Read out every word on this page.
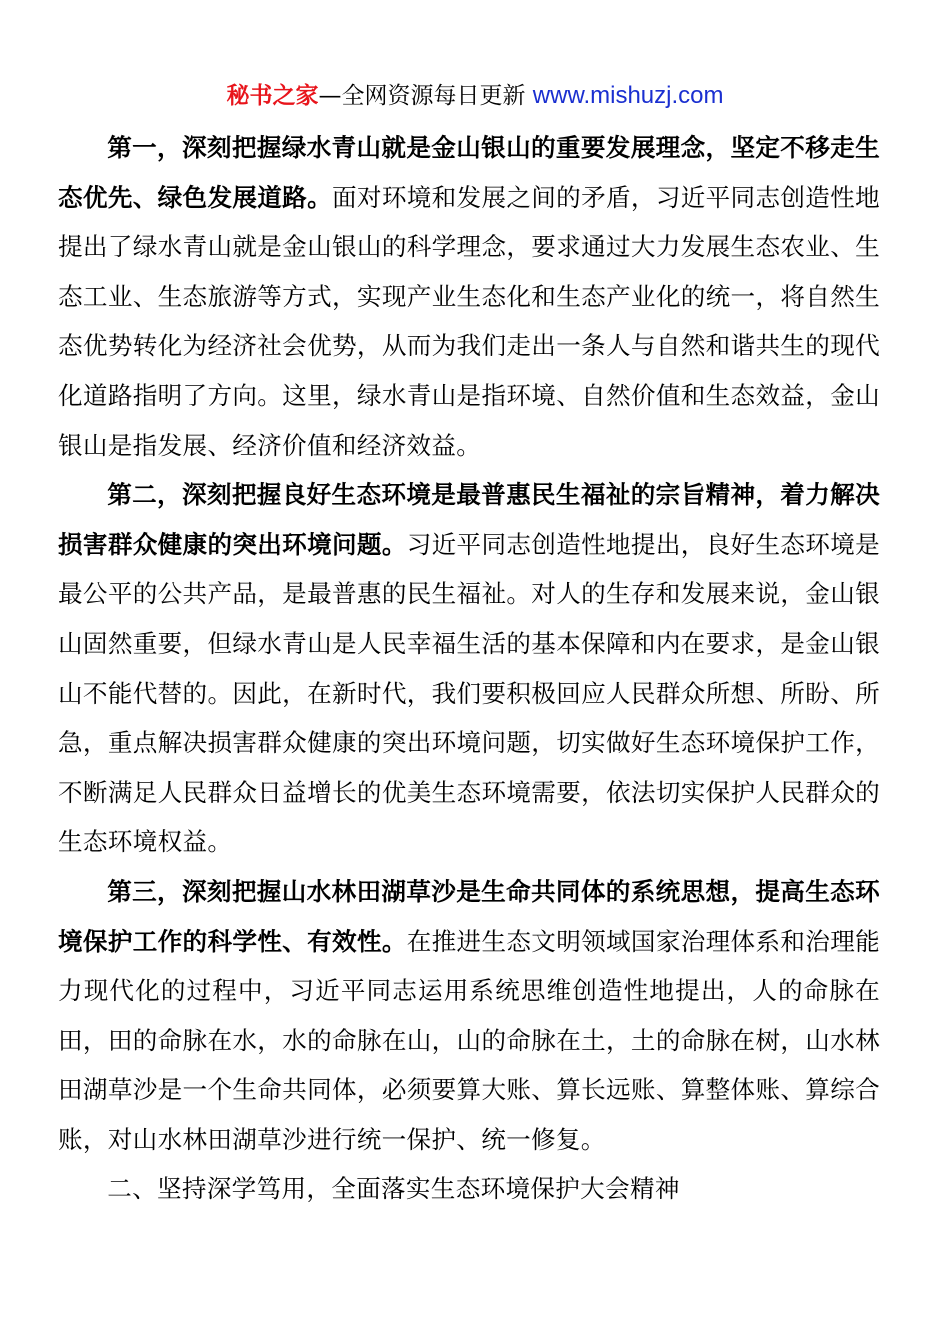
秘书之家—全网资源每日更新 www.mishuzj.com

第一，深刻把握绿水青山就是金山银山的重要发展理念，坚定不移走生态优先、绿色发展道路。面对环境和发展之间的矛盾，习近平同志创造性地提出了绿水青山就是金山银山的科学理念，要求通过大力发展生态农业、生态工业、生态旅游等方式，实现产业生态化和生态产业化的统一，将自然生态优势转化为经济社会优势，从而为我们走出一条人与自然和谐共生的现代化道路指明了方向。这里，绿水青山是指环境、自然价值和生态效益，金山银山是指发展、经济价值和经济效益。

第二，深刻把握良好生态环境是最普惠民生福祉的宗旨精神，着力解决损害群众健康的突出环境问题。习近平同志创造性地提出，良好生态环境是最公平的公共产品，是最普惠的民生福祉。对人的生存和发展来说，金山银山固然重要，但绿水青山是人民幸福生活的基本保障和内在要求，是金山银山不能代替的。因此，在新时代，我们要积极回应人民群众所想、所盼、所急，重点解决损害群众健康的突出环境问题，切实做好生态环境保护工作，不断满足人民群众日益增长的优美生态环境需要，依法切实保护人民群众的生态环境权益。

第三，深刻把握山水林田湖草沙是生命共同体的系统思想，提高生态环境保护工作的科学性、有效性。在推进生态文明领域国家治理体系和治理能力现代化的过程中，习近平同志运用系统思维创造性地提出，人的命脉在田，田的命脉在水，水的命脉在山，山的命脉在土，土的命脉在树，山水林田湖草沙是一个生命共同体，必须要算大账、算长远账、算整体账、算综合账，对山水林田湖草沙进行统一保护、统一修复。

二、坚持深学笃用，全面落实生态环境保护大会精神
